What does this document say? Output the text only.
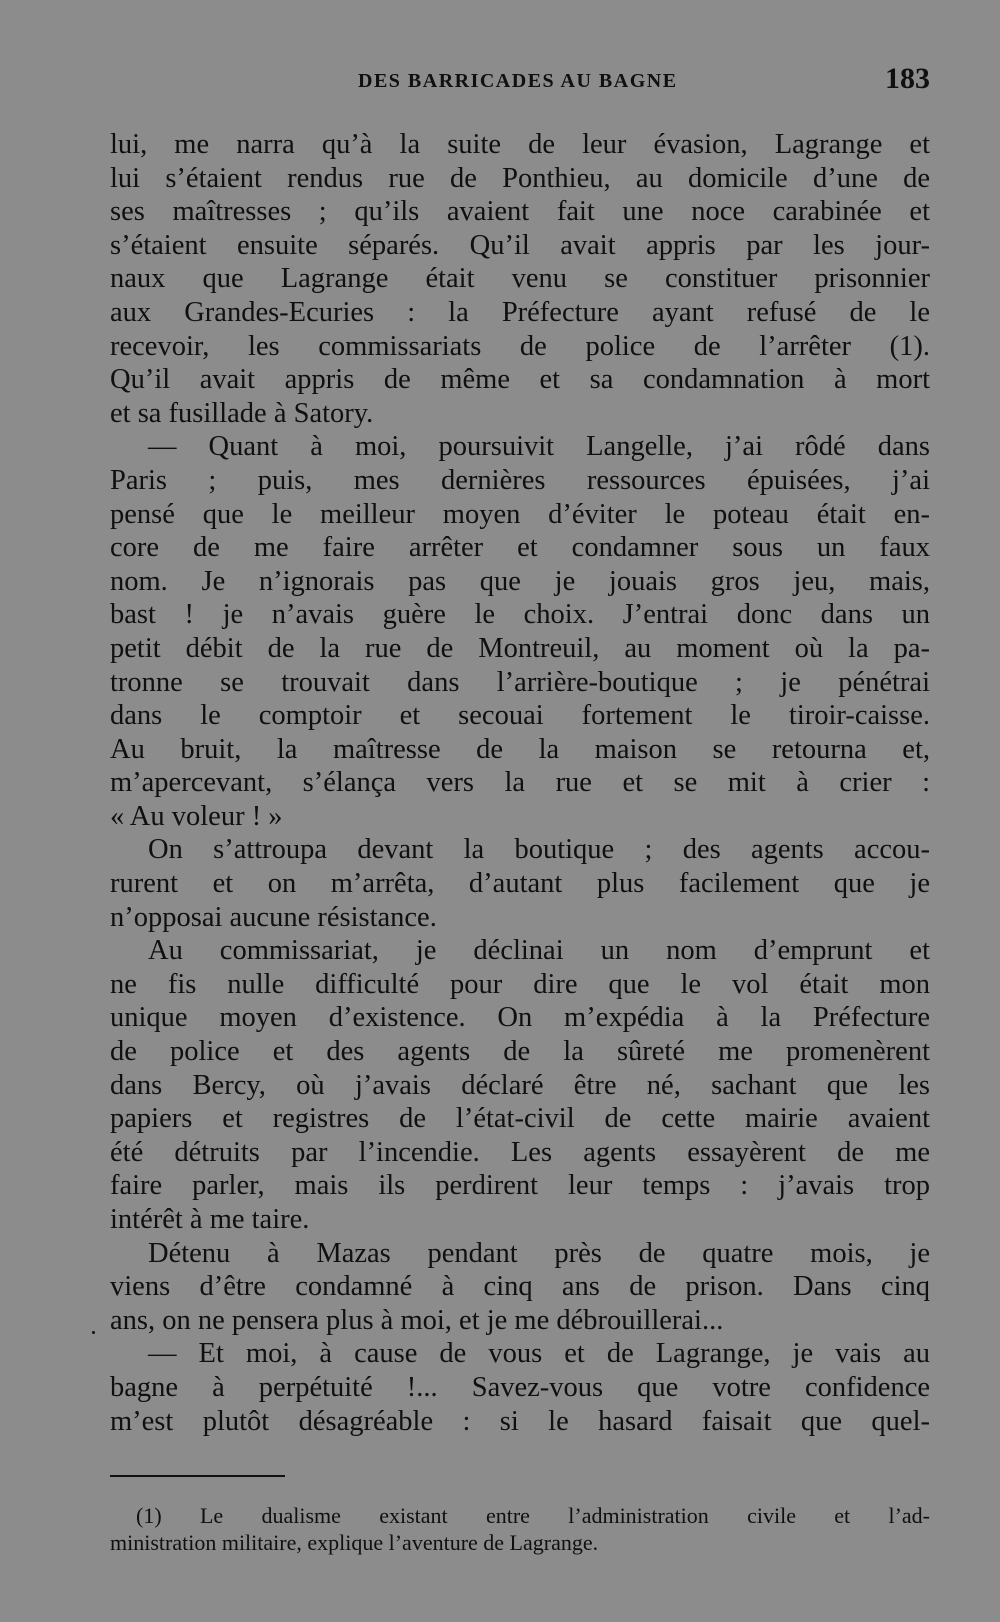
DES BARRICADES AU BAGNE	183
lui, me narra qu’à la suite de leur évasion, Lagrange et
lui s’étaient rendus rue de Ponthieu, au domicile d’une de
ses maîtresses ; qu’ils avaient fait une noce carabinée et
s’étaient ensuite séparés. Qu’il avait appris par les jour-
naux que Lagrange était venu se constituer prisonnier
aux Grandes-Ecuries : la Préfecture ayant refusé de le
recevoir, les commissariats de police de l’arrêter (1).
Qu’il avait appris de même et sa condamnation à mort
et sa fusillade à Satory.
— Quant à moi, poursuivit Langelle, j’ai rôdé dans
Paris ; puis, mes dernières ressources épuisées, j’ai
pensé que le meilleur moyen d’éviter le poteau était en-
core de me faire arrêter et condamner sous un faux
nom. Je n’ignorais pas que je jouais gros jeu, mais,
bast ! je n’avais guère le choix. J’entrai donc dans un
petit débit de la rue de Montreuil, au moment où la pa-
tronne se trouvait dans l’arrière-boutique ; je pénétrai
dans le comptoir et secouai fortement le tiroir-caisse.
Au bruit, la maîtresse de la maison se retourna et,
m’apercevant, s’élança vers la rue et se mit à crier :
« Au voleur ! »
On s’attroupa devant la boutique ; des agents accou-
rurent et on m’arrêta, d’autant plus facilement que je
n’opposai aucune résistance.
Au commissariat, je déclinai un nom d’emprunt et
ne fis nulle difficulté pour dire que le vol était mon
unique moyen d’existence. On m’expédia à la Préfecture
de police et des agents de la sûreté me promenèrent
dans Bercy, où j’avais déclaré être né, sachant que les
papiers et registres de l’état-civil de cette mairie avaient
été détruits par l’incendie. Les agents essayèrent de me
faire parler, mais ils perdirent leur temps : j’avais trop
intérêt à me taire.
Détenu à Mazas pendant près de quatre mois, je
viens d’être condamné à cinq ans de prison. Dans cinq
ans, on ne pensera plus à moi, et je me débrouillerai...
— Et moi, à cause de vous et de Lagrange, je vais au
bagne à perpétuité !... Savez-vous que votre confidence
m’est plutôt désagréable : si le hasard faisait que quel-
(1) Le dualisme existant entre l’administration civile et l’ad-
ministration militaire, explique l’aventure de Lagrange.
